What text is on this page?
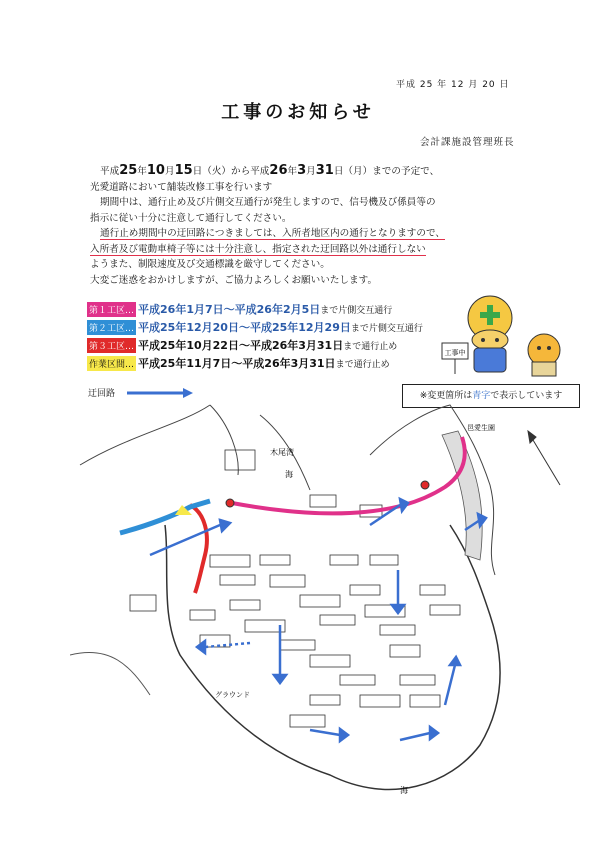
平成 25 年 12 月 20 日
工事のお知らせ
会計課施設管理班長

平成25年10月15日（火）から平成26年3月31日（月）までの予定で、

光愛道路において舗装改修工事を行います

期間中は、通行止め及び片側交互通行が発生しますので、信号機及び係員等の

指示に従い十分に注意して通行してください。

通行止め期間中の迂回路につきましては、入所者地区内の通行となりますので、

入所者及び電動車椅子等には十分注意し、指定された迂回路以外は通行しない

ようまた、制限速度及び交通標識を厳守してください。

大変ご迷惑をおかけしますが、ご協力よろしくお願いいたします。

第１工区… 平成26年1月7日～平成26年2月5日 まで片側交互通行
第２工区… 平成25年12月20日～平成25年12月29日 まで片側交互通行
第３工区… 平成25年10月22日～平成26年3月31日 まで通行止め
作業区間… 平成25年11月7日～平成26年3月31日 まで通行止め
迂回路	※変更箇所は青字で表示しています
工事中
木尾湾
海
海
グラウンド
邑愛生園
